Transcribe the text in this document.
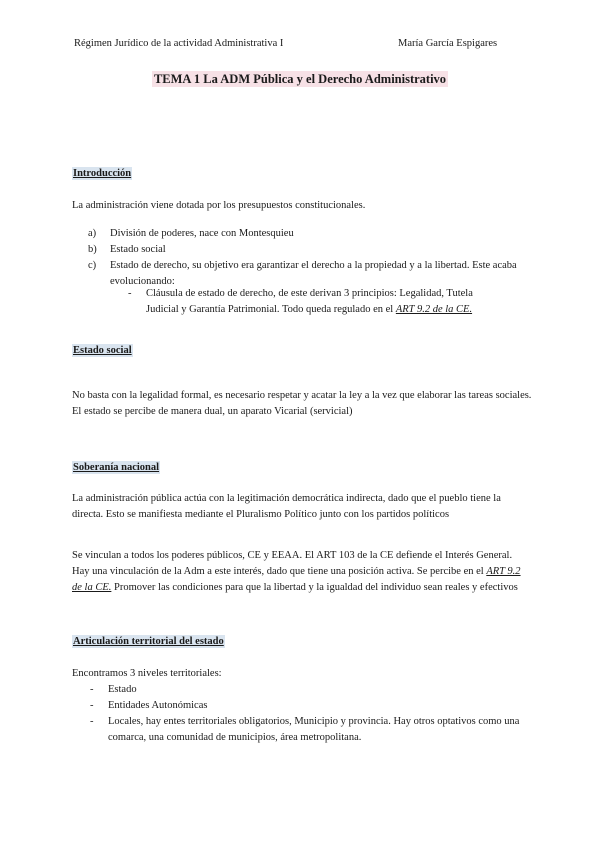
Régimen Jurídico de la actividad Administrativa I	María García Espigares
TEMA 1 La ADM Pública y el Derecho Administrativo
Introducción
La administración viene dotada por los presupuestos constitucionales.
a) División de poderes, nace con Montesquieu
b) Estado social
c) Estado de derecho, su objetivo era garantizar el derecho a la propiedad y a la libertad. Este acaba evolucionando:
- Cláusula de estado de derecho, de este derivan 3 principios: Legalidad, Tutela Judicial y Garantía Patrimonial. Todo queda regulado en el ART 9.2 de la CE.
Estado social
No basta con la legalidad formal, es necesario respetar y acatar la ley a la vez que elaborar las tareas sociales. El estado se percibe de manera dual, un aparato Vicarial (servicial)
Soberanía nacional
La administración pública actúa con la legitimación democrática indirecta, dado que el pueblo tiene la directa. Esto se manifiesta mediante el Pluralismo Político junto con los partidos políticos
Se vinculan a todos los poderes públicos, CE y EEAA. El ART 103 de la CE defiende el Interés General. Hay una vinculación de la Adm a este interés, dado que tiene una posición activa. Se percibe en el ART 9.2 de la CE. Promover las condiciones para que la libertad y la igualdad del individuo sean reales y efectivos
Articulación territorial del estado
Encontramos 3 niveles territoriales:
- Estado
- Entidades Autonómicas
- Locales, hay entes territoriales obligatorios, Municipio y provincia. Hay otros optativos como una comarca, una comunidad de municipios, área metropolitana.
